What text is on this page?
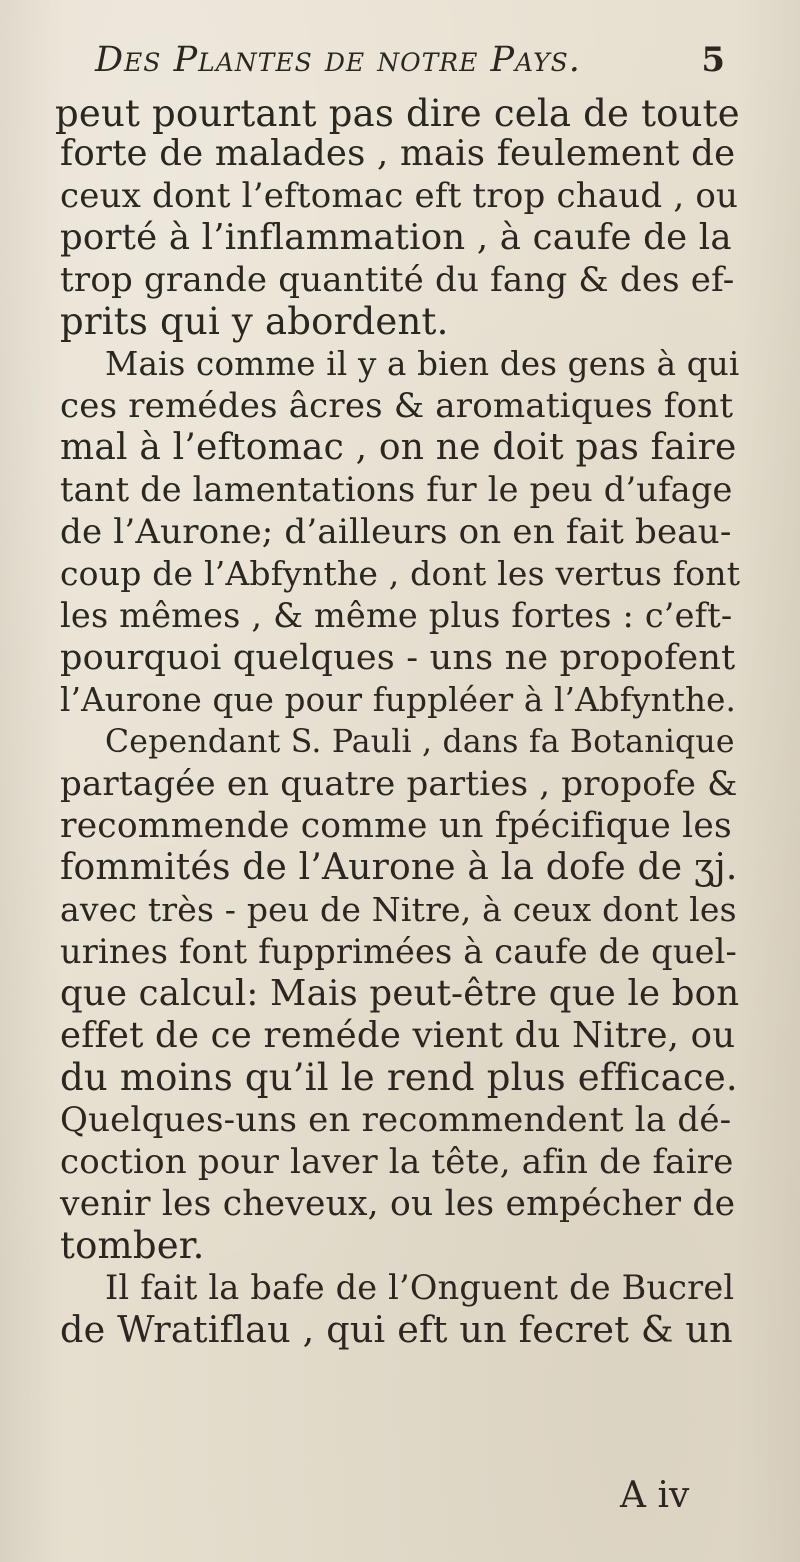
Des Plantes de notre Pays.	5
peut pourtant pas dire cela de toute
forte de malades , mais feulement de
ceux dont l’eftomac eft trop chaud , ou
porté à l’inflammation , à caufe de la
trop grande quantité du fang & des ef-
prits qui y abordent.
Mais comme il y a bien des gens à qui
ces remédes âcres & aromatiques font
mal à l’eftomac , on ne doit pas faire
tant de lamentations fur le peu d’ufage
de l’Aurone; d’ailleurs on en fait beau-
coup de l’Abfynthe , dont les vertus font
les mêmes , & même plus fortes : c’eft-
pourquoi quelques - uns ne propofent
l’Aurone que pour fuppléer à l’Abfynthe.
Cependant S. Pauli , dans fa Botanique
partagée en quatre parties , propofe &
recommende comme un fpécifique les
fommités de l’Aurone à la dofe de ʒj.
avec très - peu de Nitre, à ceux dont les
urines font fupprimées à caufe de quel-
que calcul: Mais peut-être que le bon
effet de ce reméde vient du Nitre, ou
du moins qu’il le rend plus efficace.
Quelques-uns en recommendent la dé-
coction pour laver la tête, afin de faire
venir les cheveux, ou les empécher de
tomber.
Il fait la bafe de l’Onguent de Bucrel
de Wratiflau , qui eft un fecret & un
A iv
